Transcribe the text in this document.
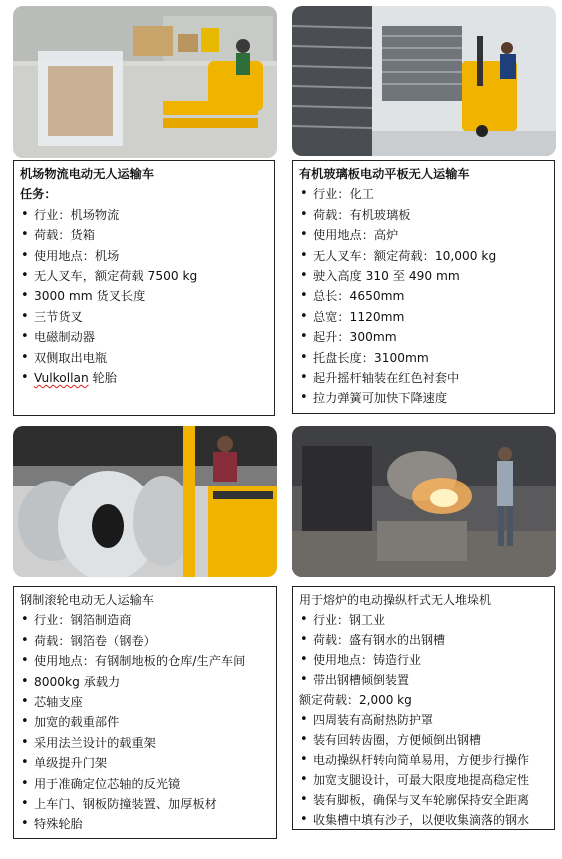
机场物流电动无人运输车
任务：
• 行业：机场物流
• 荷载：货箱
• 使用地点：机场
• 无人叉车，额定荷载 7500 kg
• 3000 mm 货叉长度
• 三节货叉
• 电磁制动器
• 双侧取出电瓶
• Vulkollan 轮胎
有机玻璃板电动平板无人运输车
• 行业：化工
• 荷载：有机玻璃板
• 使用地点：高炉
• 无人叉车：额定荷载：10,000 kg
• 驶入高度 310 至 490 mm
• 总长：4650mm
• 总宽：1120mm
• 起升：300mm
• 托盘长度：3100mm
• 起升摇杆轴装在红色衬套中
• 拉力弹簧可加快下降速度
钢制滚轮电动无人运输车
• 行业：钢箔制造商
• 荷载：钢箔卷（钢卷）
• 使用地点：有钢制地板的仓库/生产车间
• 8000kg 承载力
• 芯轴支座
• 加宽的载重部件
• 采用法兰设计的载重架
• 单级提升门架
• 用于准确定位芯轴的反光镜
• 上车门、钢板防撞装置、加厚板材
• 特殊轮胎
用于熔炉的电动操纵杆式无人堆垛机
• 行业：钢工业
• 荷载：盛有钢水的出钢槽
• 使用地点：铸造行业
• 带出钢槽倾倒装置
额定荷载：2,000 kg
• 四周装有高耐热防护罩
• 装有回转齿圈，方便倾倒出钢槽
• 电动操纵杆转向简单易用，方便步行操作
• 加宽支腿设计，可最大限度地提高稳定性
• 装有脚板，确保与叉车轮廓保持安全距离
• 收集槽中填有沙子，以便收集滴落的钢水
